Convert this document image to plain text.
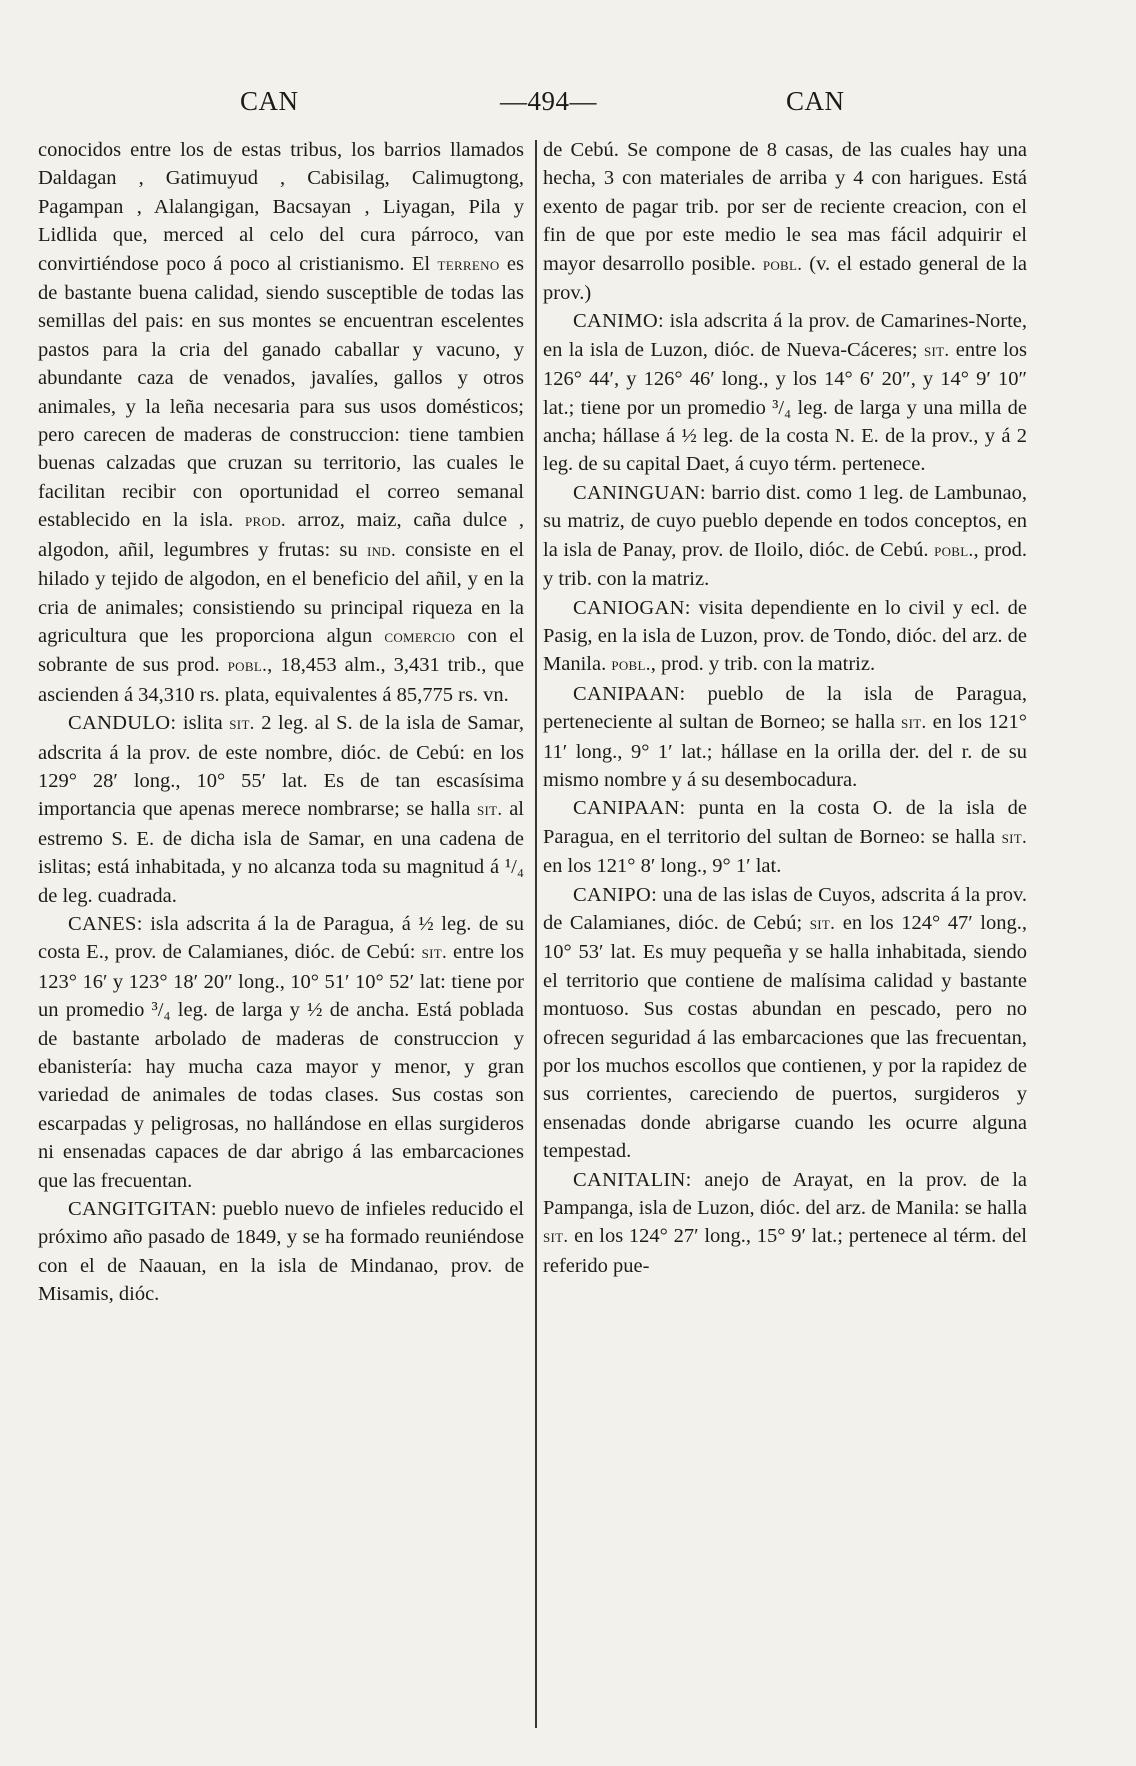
CAN	—494—	CAN

conocidos entre los de estas tribus, los barrios llamados Daldagan , Gatimuyud , Cabisilag, Calimugtong, Pagampan , Alalangigan, Bacsayan , Liyagan, Pila y Lidlida que, merced al celo del cura párroco, van convirtiéndose poco á poco al cristianismo. El terreno es de bastante buena calidad, siendo susceptible de todas las semillas del pais: en sus montes se encuentran escelentes pastos para la cria del ganado caballar y vacuno, y abundante caza de venados, javalíes, gallos y otros animales, y la leña necesaria para sus usos domésticos; pero carecen de maderas de construccion: tiene tambien buenas calzadas que cruzan su territorio, las cuales le facilitan recibir con oportunidad el correo semanal establecido en la isla. prod. arroz, maiz, caña dulce , algodon, añil, legumbres y frutas: su ind. consiste en el hilado y tejido de algodon, en el beneficio del añil, y en la cria de animales; consistiendo su principal riqueza en la agricultura que les proporciona algun comercio con el sobrante de sus prod. pobl., 18,453 alm., 3,431 trib., que ascienden á 34,310 rs. plata, equivalentes á 85,775 rs. vn.

CANDULO: islita sit. 2 leg. al S. de la isla de Samar, adscrita á la prov. de este nombre, dióc. de Cebú: en los 129° 28′ long., 10° 55′ lat. Es de tan escasísima importancia que apenas merece nombrarse; se halla sit. al estremo S. E. de dicha isla de Samar, en una cadena de islitas; está inhabitada, y no alcanza toda su magnitud á ¹/₄ de leg. cuadrada.

CANES: isla adscrita á la de Paragua, á ½ leg. de su costa E., prov. de Calamianes, dióc. de Cebú: sit. entre los 123° 16′ y 123° 18′ 20″ long., 10° 51′ 10° 52′ lat: tiene por un promedio ³/₄ leg. de larga y ½ de ancha. Está poblada de bastante arbolado de maderas de construccion y ebanistería: hay mucha caza mayor y menor, y gran variedad de animales de todas clases. Sus costas son escarpadas y peligrosas, no hallándose en ellas surgideros ni ensenadas capaces de dar abrigo á las embarcaciones que las frecuentan.

CANGITGITAN: pueblo nuevo de infieles reducido el próximo año pasado de 1849, y se ha formado reuniéndose con el de Naauan, en la isla de Mindanao, prov. de Misamis, dióc.

de Cebú. Se compone de 8 casas, de las cuales hay una hecha, 3 con materiales de arriba y 4 con harigues. Está exento de pagar trib. por ser de reciente creacion, con el fin de que por este medio le sea mas fácil adquirir el mayor desarrollo posible. pobl. (v. el estado general de la prov.)

CANIMO: isla adscrita á la prov. de Camarines-Norte, en la isla de Luzon, dióc. de Nueva-Cáceres; sit. entre los 126° 44′, y 126° 46′ long., y los 14° 6′ 20″, y 14° 9′ 10″ lat.; tiene por un promedio ³/₄ leg. de larga y una milla de ancha; hállase á ½ leg. de la costa N. E. de la prov., y á 2 leg. de su capital Daet, á cuyo térm. pertenece.

CANINGUAN: barrio dist. como 1 leg. de Lambunao, su matriz, de cuyo pueblo depende en todos conceptos, en la isla de Panay, prov. de Iloilo, dióc. de Cebú. pobl., prod. y trib. con la matriz.

CANIOGAN: visita dependiente en lo civil y ecl. de Pasig, en la isla de Luzon, prov. de Tondo, dióc. del arz. de Manila. pobl., prod. y trib. con la matriz.

CANIPAAN: pueblo de la isla de Paragua, perteneciente al sultan de Borneo; se halla sit. en los 121° 11′ long., 9° 1′ lat.; hállase en la orilla der. del r. de su mismo nombre y á su desembocadura.

CANIPAAN: punta en la costa O. de la isla de Paragua, en el territorio del sultan de Borneo: se halla sit. en los 121° 8′ long., 9° 1′ lat.

CANIPO: una de las islas de Cuyos, adscrita á la prov. de Calamianes, dióc. de Cebú; sit. en los 124° 47′ long., 10° 53′ lat. Es muy pequeña y se halla inhabitada, siendo el territorio que contiene de malísima calidad y bastante montuoso. Sus costas abundan en pescado, pero no ofrecen seguridad á las embarcaciones que las frecuentan, por los muchos escollos que contienen, y por la rapidez de sus corrientes, careciendo de puertos, surgideros y ensenadas donde abrigarse cuando les ocurre alguna tempestad.

CANITALIN: anejo de Arayat, en la prov. de la Pampanga, isla de Luzon, dióc. del arz. de Manila: se halla sit. en los 124° 27′ long., 15° 9′ lat.; pertenece al térm. del referido pue-
